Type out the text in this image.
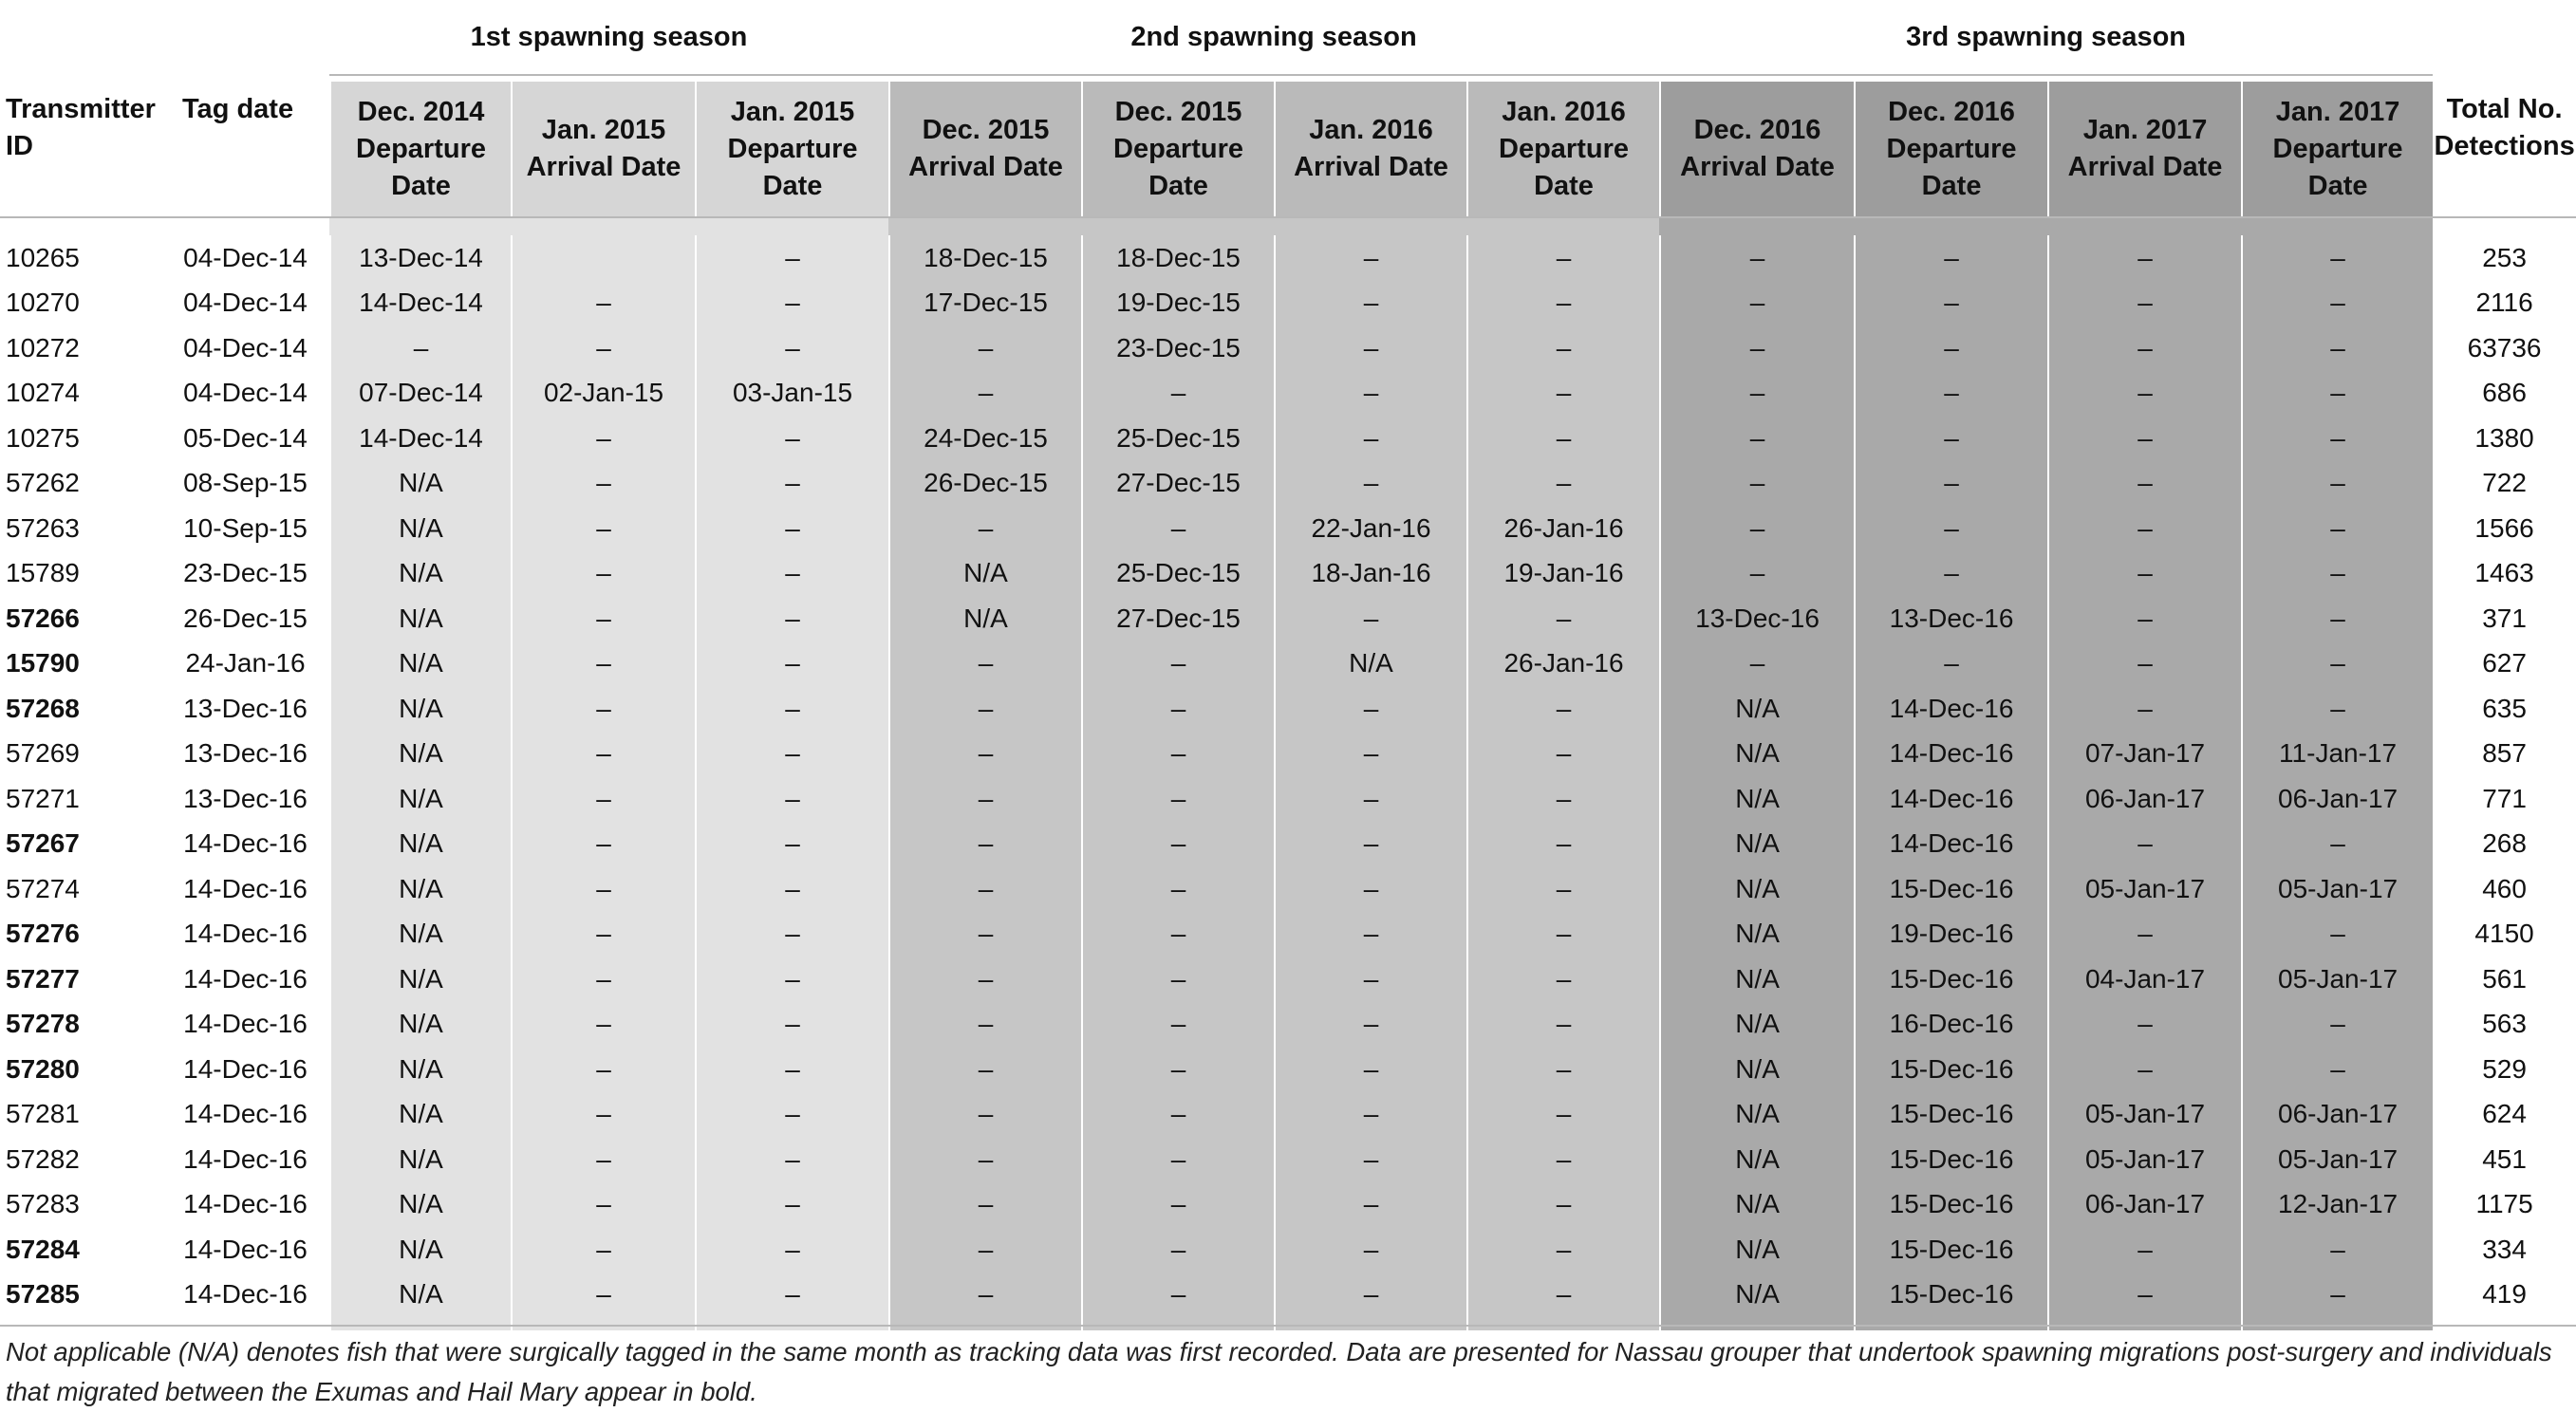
		1st spawning season			2nd spawning season				3rd spawning season				
Transmitter ID	Tag date	Dec. 2014 Departure Date	Jan. 2015 Arrival Date	Jan. 2015 Departure Date	Dec. 2015 Arrival Date	Dec. 2015 Departure Date	Jan. 2016 Arrival Date	Jan. 2016 Departure Date	Dec. 2016 Arrival Date	Dec. 2016 Departure Date	Jan. 2017 Arrival Date	Jan. 2017 Departure Date	Total No. Detections

10265	04-Dec-14	13-Dec-14		–	18-Dec-15	18-Dec-15	–	–	–	–	–	–	253
10270	04-Dec-14	14-Dec-14	–	–	17-Dec-15	19-Dec-15	–	–	–	–	–	–	2116
10272	04-Dec-14	–	–	–	–	23-Dec-15	–	–	–	–	–	–	63736
10274	04-Dec-14	07-Dec-14	02-Jan-15	03-Jan-15	–	–	–	–	–	–	–	–	686
10275	05-Dec-14	14-Dec-14	–	–	24-Dec-15	25-Dec-15	–	–	–	–	–	–	1380
57262	08-Sep-15	N/A	–	–	26-Dec-15	27-Dec-15	–	–	–	–	–	–	722
57263	10-Sep-15	N/A	–	–	–	–	22-Jan-16	26-Jan-16	–	–	–	–	1566
15789	23-Dec-15	N/A	–	–	N/A	25-Dec-15	18-Jan-16	19-Jan-16	–	–	–	–	1463
57266	26-Dec-15	N/A	–	–	N/A	27-Dec-15	–	–	13-Dec-16	13-Dec-16	–	–	371
15790	24-Jan-16	N/A	–	–	–	–	N/A	26-Jan-16	–	–	–	–	627
57268	13-Dec-16	N/A	–	–	–	–	–	–	N/A	14-Dec-16	–	–	635
57269	13-Dec-16	N/A	–	–	–	–	–	–	N/A	14-Dec-16	07-Jan-17	11-Jan-17	857
57271	13-Dec-16	N/A	–	–	–	–	–	–	N/A	14-Dec-16	06-Jan-17	06-Jan-17	771
57267	14-Dec-16	N/A	–	–	–	–	–	–	N/A	14-Dec-16	–	–	268
57274	14-Dec-16	N/A	–	–	–	–	–	–	N/A	15-Dec-16	05-Jan-17	05-Jan-17	460
57276	14-Dec-16	N/A	–	–	–	–	–	–	N/A	19-Dec-16	–	–	4150
57277	14-Dec-16	N/A	–	–	–	–	–	–	N/A	15-Dec-16	04-Jan-17	05-Jan-17	561
57278	14-Dec-16	N/A	–	–	–	–	–	–	N/A	16-Dec-16	–	–	563
57280	14-Dec-16	N/A	–	–	–	–	–	–	N/A	15-Dec-16	–	–	529
57281	14-Dec-16	N/A	–	–	–	–	–	–	N/A	15-Dec-16	05-Jan-17	06-Jan-17	624
57282	14-Dec-16	N/A	–	–	–	–	–	–	N/A	15-Dec-16	05-Jan-17	05-Jan-17	451
57283	14-Dec-16	N/A	–	–	–	–	–	–	N/A	15-Dec-16	06-Jan-17	12-Jan-17	1175
57284	14-Dec-16	N/A	–	–	–	–	–	–	N/A	15-Dec-16	–	–	334
57285	14-Dec-16	N/A	–	–	–	–	–	–	N/A	15-Dec-16	–	–	419

Not applicable (N/A) denotes fish that were surgically tagged in the same month as tracking data was first recorded. Data are presented for Nassau grouper that undertook spawning migrations post-surgery and individuals that migrated between the Exumas and Hail Mary appear in bold.
